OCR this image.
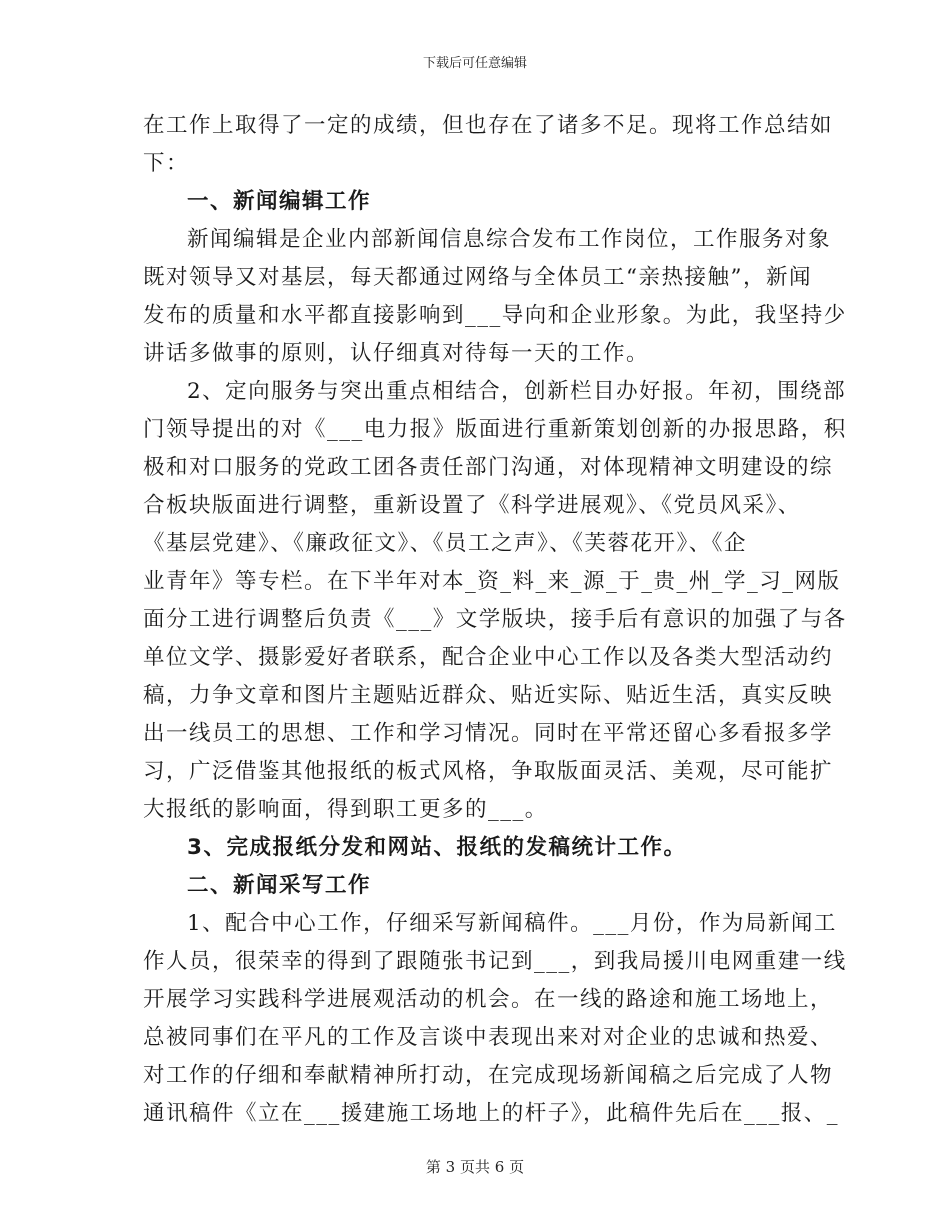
下载后可任意编辑
在工作上取得了一定的成绩，但也存在了诸多不足。现将工作总结如
下：
一、新闻编辑工作
新闻编辑是企业内部新闻信息综合发布工作岗位，工作服务对象
既对领导又对基层，每天都通过网络与全体员工“亲热接触”，新闻
发布的质量和水平都直接影响到___导向和企业形象。为此，我坚持少
讲话多做事的原则，认仔细真对待每一天的工作。
2、定向服务与突出重点相结合，创新栏目办好报。年初，围绕部
门领导提出的对《___电力报》版面进行重新策划创新的办报思路，积
极和对口服务的党政工团各责任部门沟通，对体现精神文明建设的综
合板块版面进行调整，重新设置了《科学进展观》、《党员风采》、
《基层党建》、《廉政征文》、《员工之声》、《芙蓉花开》、《企
业青年》等专栏。在下半年对本_资_料_来_源_于_贵_州_学_习_网版
面分工进行调整后负责《___》文学版块，接手后有意识的加强了与各
单位文学、摄影爱好者联系，配合企业中心工作以及各类大型活动约
稿，力争文章和图片主题贴近群众、贴近实际、贴近生活，真实反映
出一线员工的思想、工作和学习情况。同时在平常还留心多看报多学
习，广泛借鉴其他报纸的板式风格，争取版面灵活、美观，尽可能扩
大报纸的影响面，得到职工更多的___。
3、完成报纸分发和网站、报纸的发稿统计工作。
二、新闻采写工作
1、配合中心工作，仔细采写新闻稿件。___月份，作为局新闻工
作人员，很荣幸的得到了跟随张书记到___，到我局援川电网重建一线
开展学习实践科学进展观活动的机会。在一线的路途和施工场地上，
总被同事们在平凡的工作及言谈中表现出来对对企业的忠诚和热爱、
对工作的仔细和奉献精神所打动，在完成现场新闻稿之后完成了人物
通讯稿件《立在___援建施工场地上的杆子》，此稿件先后在___报、_
第 3 页共 6 页
